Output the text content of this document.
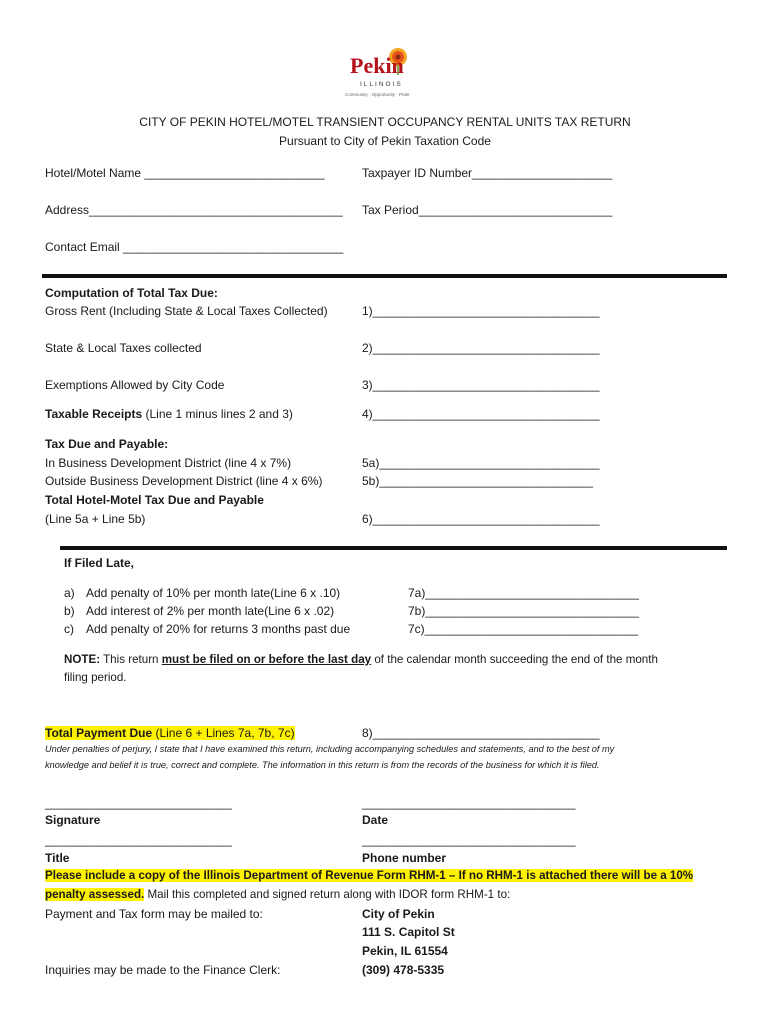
Pekin
ILLINOIS
Community · Opportunity · Pride
CITY OF PEKIN HOTEL/MOTEL TRANSIENT OCCUPANCY RENTAL UNITS TAX RETURN
Pursuant to City of Pekin Taxation Code
Hotel/Motel Name ___________________________	Taxpayer ID Number_____________________
Address______________________________________ Tax Period_____________________________
Contact Email _________________________________
Computation of Total Tax Due:
Gross Rent (Including State & Local Taxes Collected)	1)__________________________________
State & Local Taxes collected	2)__________________________________
Exemptions Allowed by City Code	3)__________________________________
Taxable Receipts (Line 1 minus lines 2 and 3)	4)__________________________________
Tax Due and Payable:
In Business Development District (line 4 x 7%)	5a)_________________________________
Outside Business Development District (line 4 x 6%)	5b)________________________________
Total Hotel-Motel Tax Due and Payable
(Line 5a + Line 5b)	6)__________________________________
If Filed Late,
a) Add penalty of 10% per month late(Line 6 x .10)	7a)________________________________
b) Add interest of 2% per month late(Line 6 x .02)	7b)________________________________
c) Add penalty of 20% for returns 3 months past due	7c)________________________________
NOTE: This return must be filed on or before the last day of the calendar month succeeding the end of the month
filing period.
Total Payment Due (Line 6 + Lines 7a, 7b, 7c)	8)__________________________________
Under penalties of perjury, I state that I have examined this return, including accompanying schedules and statements, and to the best of my
knowledge and belief it is true, correct and complete. The information in this return is from the records of the business for which it is filed.
____________________________	________________________________
Signature	Date
____________________________	________________________________
Title	Phone number
Please include a copy of the Illinois Department of Revenue Form RHM-1 – If no RHM-1 is attached there will be a 10%
penalty assessed. Mail this completed and signed return along with IDOR form RHM-1 to:
Payment and Tax form may be mailed to:	City of Pekin
111 S. Capitol St
Pekin, IL 61554
Inquiries may be made to the Finance Clerk:	(309) 478-5335
